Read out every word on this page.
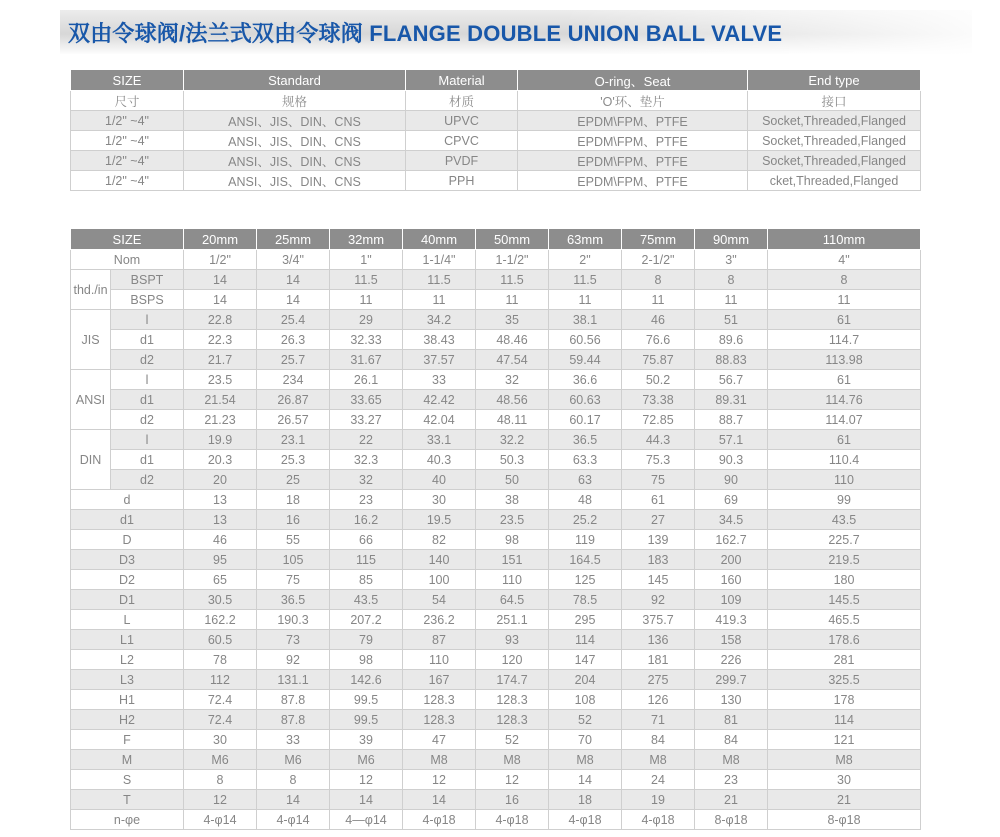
双由令球阀/法兰式双由令球阀 FLANGE DOUBLE UNION BALL VALVE
SIZE	Standard	Material	O-ring、Seat	End type
尺寸	规格	材质	'O'环、垫片	接口
1/2" ~4"	ANSI、JIS、DIN、CNS	UPVC	EPDM\FPM、PTFE	Socket,Threaded,Flanged
1/2" ~4"	ANSI、JIS、DIN、CNS	CPVC	EPDM\FPM、PTFE	Socket,Threaded,Flanged
1/2" ~4"	ANSI、JIS、DIN、CNS	PVDF	EPDM\FPM、PTFE	Socket,Threaded,Flanged
1/2" ~4"	ANSI、JIS、DIN、CNS	PPH	EPDM\FPM、PTFE	cket,Threaded,Flanged
SIZE		20mm	25mm	32mm	40mm	50mm	63mm	75mm	90mm	110mm
Nom		1/2"	3/4"	1"	1-1/4"	1-1/2"	2"	2-1/2"	3"	4"
thd./in	BSPT	14	14	11.5	11.5	11.5	11.5	8	8	8
	BSPS	14	14	11	11	11	11	11	11	11
JIS	l	22.8	25.4	29	34.2	35	38.1	46	51	61
	d1	22.3	26.3	32.33	38.43	48.46	60.56	76.6	89.6	114.7
	d2	21.7	25.7	31.67	37.57	47.54	59.44	75.87	88.83	113.98
ANSI	l	23.5	234	26.1	33	32	36.6	50.2	56.7	61
	d1	21.54	26.87	33.65	42.42	48.56	60.63	73.38	89.31	114.76
	d2	21.23	26.57	33.27	42.04	48.11	60.17	72.85	88.7	114.07
DIN	l	19.9	23.1	22	33.1	32.2	36.5	44.3	57.1	61
	d1	20.3	25.3	32.3	40.3	50.3	63.3	75.3	90.3	110.4
	d2	20	25	32	40	50	63	75	90	110
d		13	18	23	30	38	48	61	69	99
d1		13	16	16.2	19.5	23.5	25.2	27	34.5	43.5
D		46	55	66	82	98	119	139	162.7	225.7
D3		95	105	115	140	151	164.5	183	200	219.5
D2		65	75	85	100	110	125	145	160	180
D1		30.5	36.5	43.5	54	64.5	78.5	92	109	145.5
L		162.2	190.3	207.2	236.2	251.1	295	375.7	419.3	465.5
L1		60.5	73	79	87	93	114	136	158	178.6
L2		78	92	98	110	120	147	181	226	281
L3		112	131.1	142.6	167	174.7	204	275	299.7	325.5
H1		72.4	87.8	99.5	128.3	128.3	108	126	130	178
H2		72.4	87.8	99.5	128.3	128.3	52	71	81	114
F		30	33	39	47	52	70	84	84	121
M		M6	M6	M6	M8	M8	M8	M8	M8	M8
S		8	8	12	12	12	14	24	23	30
T		12	14	14	14	16	18	19	21	21
n-φe		4-φ14	4-φ14	4—φ14	4-φ18	4-φ18	4-φ18	4-φ18	8-φ18	8-φ18
